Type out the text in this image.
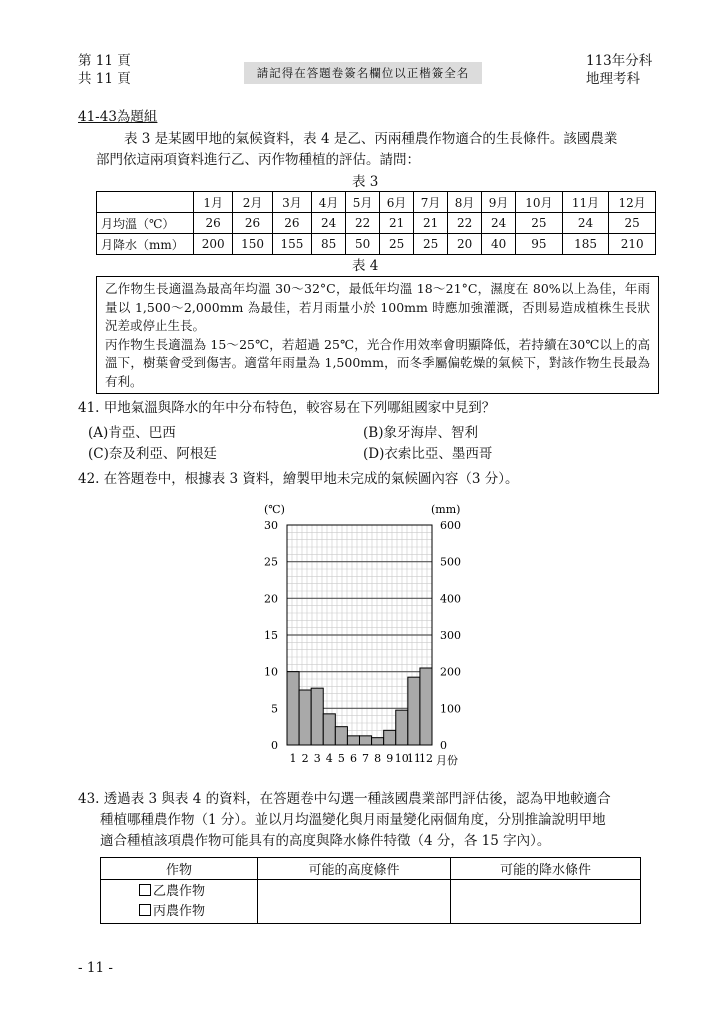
第 11 頁
共 11 頁	請記得在答題卷簽名欄位以正楷簽全名
113年分科
地理考科
41-43為題組
表 3 是某國甲地的氣候資料，表 4 是乙、丙兩種農作物適合的生長條件。該國農業
部門依這兩項資料進行乙、丙作物種植的評估。請問：
表 3
	1月	2月	3月	4月	5月	6月	7月	8月	9月	10月	11月	12月
月均溫（℃）	26	26	26	24	22	21	21	22	24	25	24	25
月降水（mm）	200	150	155	85	50	25	25	20	40	95	185	210
表 4

乙作物生長適溫為最高年均溫 30～32°C，最低年均溫 18～21°C，濕度在 80%以上為佳，年雨量以 1,500～2,000mm 為最佳，若月雨量小於 100mm 時應加強灌溉，否則易造成植株生長狀況差或停止生長。

丙作物生長適溫為 15～25℃，若超過 25℃，光合作用效率會明顯降低，若持續在30℃以上的高溫下，樹葉會受到傷害。適當年雨量為 1,500mm，而冬季屬偏乾燥的氣候下，對該作物生長最為有利。

41. 甲地氣溫與降水的年中分布特色，較容易在下列哪組國家中見到？
(A)肯亞、巴西	(B)象牙海岸、智利
(C)奈及利亞、阿根廷	(D)衣索比亞、墨西哥
42. 在答題卷中，根據表 3 資料，繪製甲地未完成的氣候圖內容（3 分）。
30
25
20
15
10
5
0
600
500
400
300
200
100
0
1 2 3 4 5 6 7 8 9 10
11
12
(℃)	(mm)
月份
43. 透過表 3 與表 4 的資料，在答題卷中勾選一種該國農業部門評估後，認為甲地較適合
種植哪種農作物（1 分）。並以月均溫變化與月雨量變化兩個角度，分別推論說明甲地
適合種植該項農作物可能具有的高度與降水條件特徵（4 分，各 15 字內）。
作物	可能的高度條件	可能的降水條件

乙農作物
丙農作物		

- 11 -
